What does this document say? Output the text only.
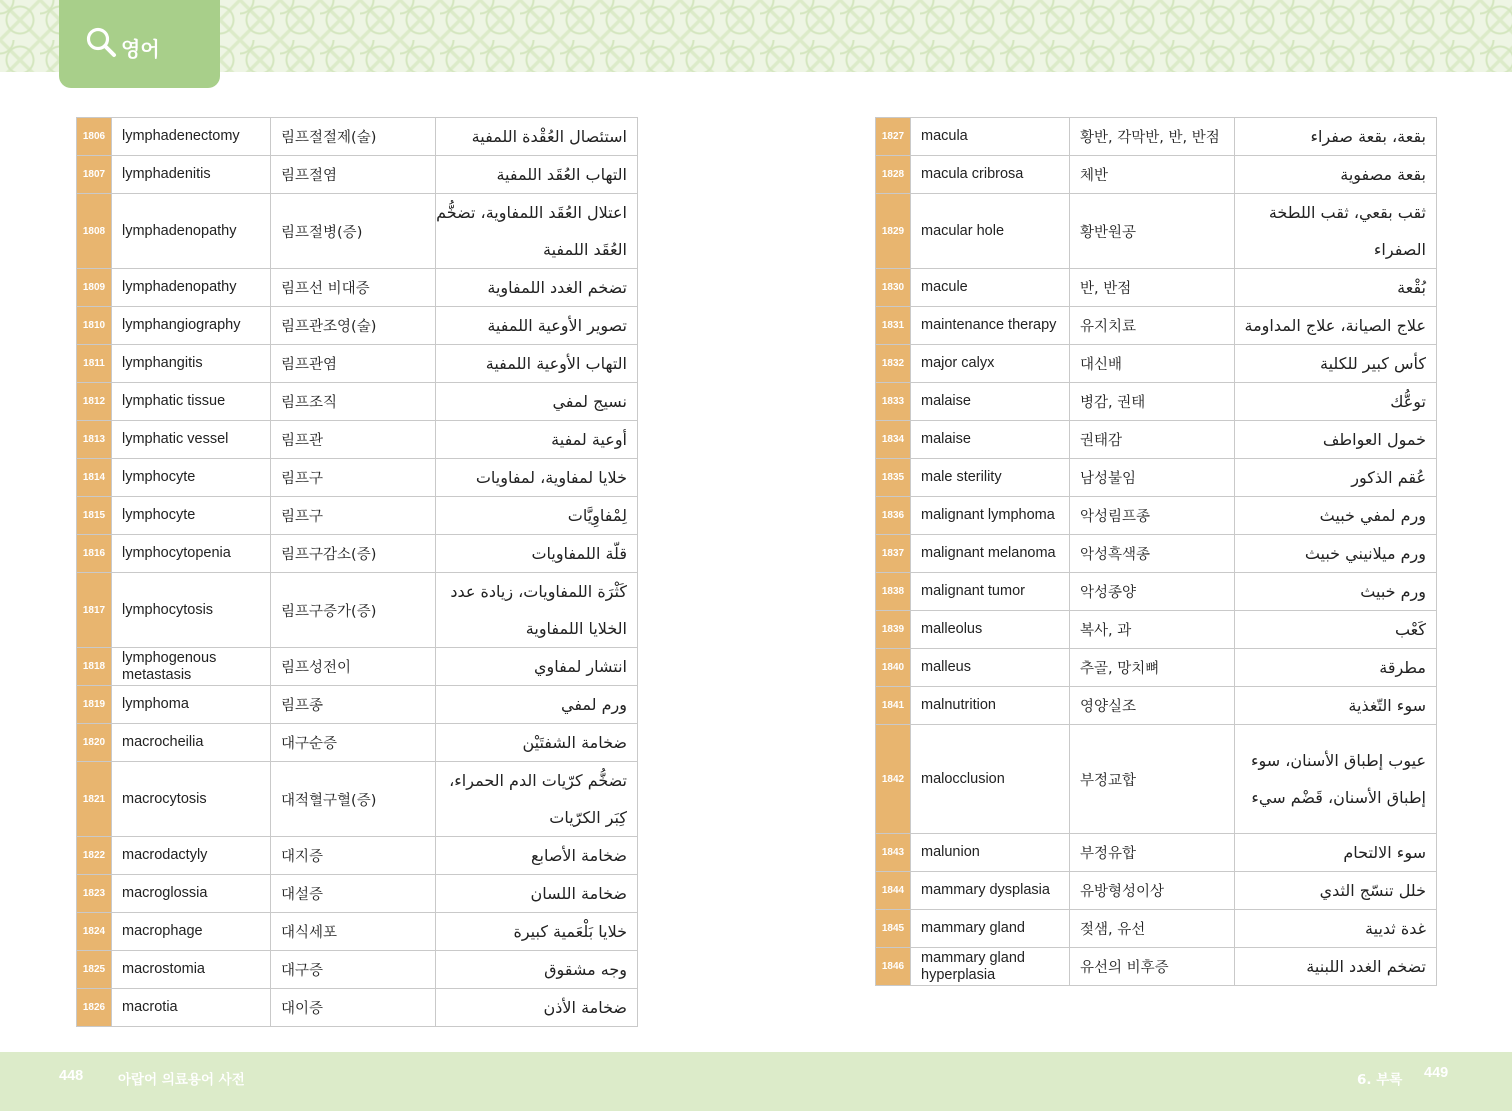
영어
1806	lymphadenectomy	림프절절제(술)	استئصال العُقْدة اللمفية
1807	lymphadenitis	림프절염	التهاب العُقَد اللمفية
1808	lymphadenopathy	림프절병(증)	اعتلال العُقَد اللمفاوية، تضخُّم العُقَد اللمفية
1809	lymphadenopathy	림프선 비대증	تضخم الغدد اللمفاوية
1810	lymphangiography	림프관조영(술)	تصوير الأوعية اللمفية
1811	lymphangitis	림프관염	التهاب الأوعية اللمفية
1812	lymphatic tissue	림프조직	نسيج لمفي
1813	lymphatic vessel	림프관	أوعية لمفية
1814	lymphocyte	림프구	خلايا لمفاوية، لمفاويات
1815	lymphocyte	림프구	لِمْفاوِيَّات
1816	lymphocytopenia	림프구감소(증)	قلّة اللمفاويات
1817	lymphocytosis	림프구증가(증)	كَثْرَة اللمفاويات، زيادة عدد الخلايا اللمفاوية
1818	lymphogenous metastasis	림프성전이	انتشار لمفاوي
1819	lymphoma	림프종	ورم لمفي
1820	macrocheilia	대구순증	ضخامة الشفتَيْن
1821	macrocytosis	대적혈구혈(증)	تضخُّم كرّيات الدم الحمراء، كِبَر الكرّيات
1822	macrodactyly	대지증	ضخامة الأصابع
1823	macroglossia	대설증	ضخامة اللسان
1824	macrophage	대식세포	خلايا بَلْعَمية كبيرة
1825	macrostomia	대구증	وجه مشقوق
1826	macrotia	대이증	ضخامة الأذن
1827	macula	황반, 각막반, 반, 반점	بقعة، بقعة صفراء
1828	macula cribrosa	체반	بقعة مصفوية
1829	macular hole	황반원공	ثقب بقعي، ثقب اللطخة الصفراء
1830	macule	반, 반점	بُقْعة
1831	maintenance therapy	유지치료	علاج الصيانة، علاج المداومة
1832	major calyx	대신배	كأس كبير للكلية
1833	malaise	병감, 권태	توعُّك
1834	malaise	권태감	خمول العواطف
1835	male sterility	남성불임	عُقم الذكور
1836	malignant lymphoma	악성림프종	ورم لمفي خبيث
1837	malignant melanoma	악성흑색종	ورم ميلانيني خبيث
1838	malignant tumor	악성종양	ورم خبيث
1839	malleolus	복사, 과	كَعْب
1840	malleus	추골, 망치뼈	مطرقة
1841	malnutrition	영양실조	سوء التّغذية
1842	malocclusion	부정교합	عيوب إطباق الأسنان، سوء إطباق الأسنان، قَضْم سيء
1843	malunion	부정유합	سوء الالتحام
1844	mammary dysplasia	유방형성이상	خلل تنسّج الثدي
1845	mammary gland	젖샘, 유선	غدة ثديية
1846	mammary gland hyperplasia	유선의 비후증	تضخم الغدد اللبنية
448	아랍어 의료용어 사전	6. 부록 449
